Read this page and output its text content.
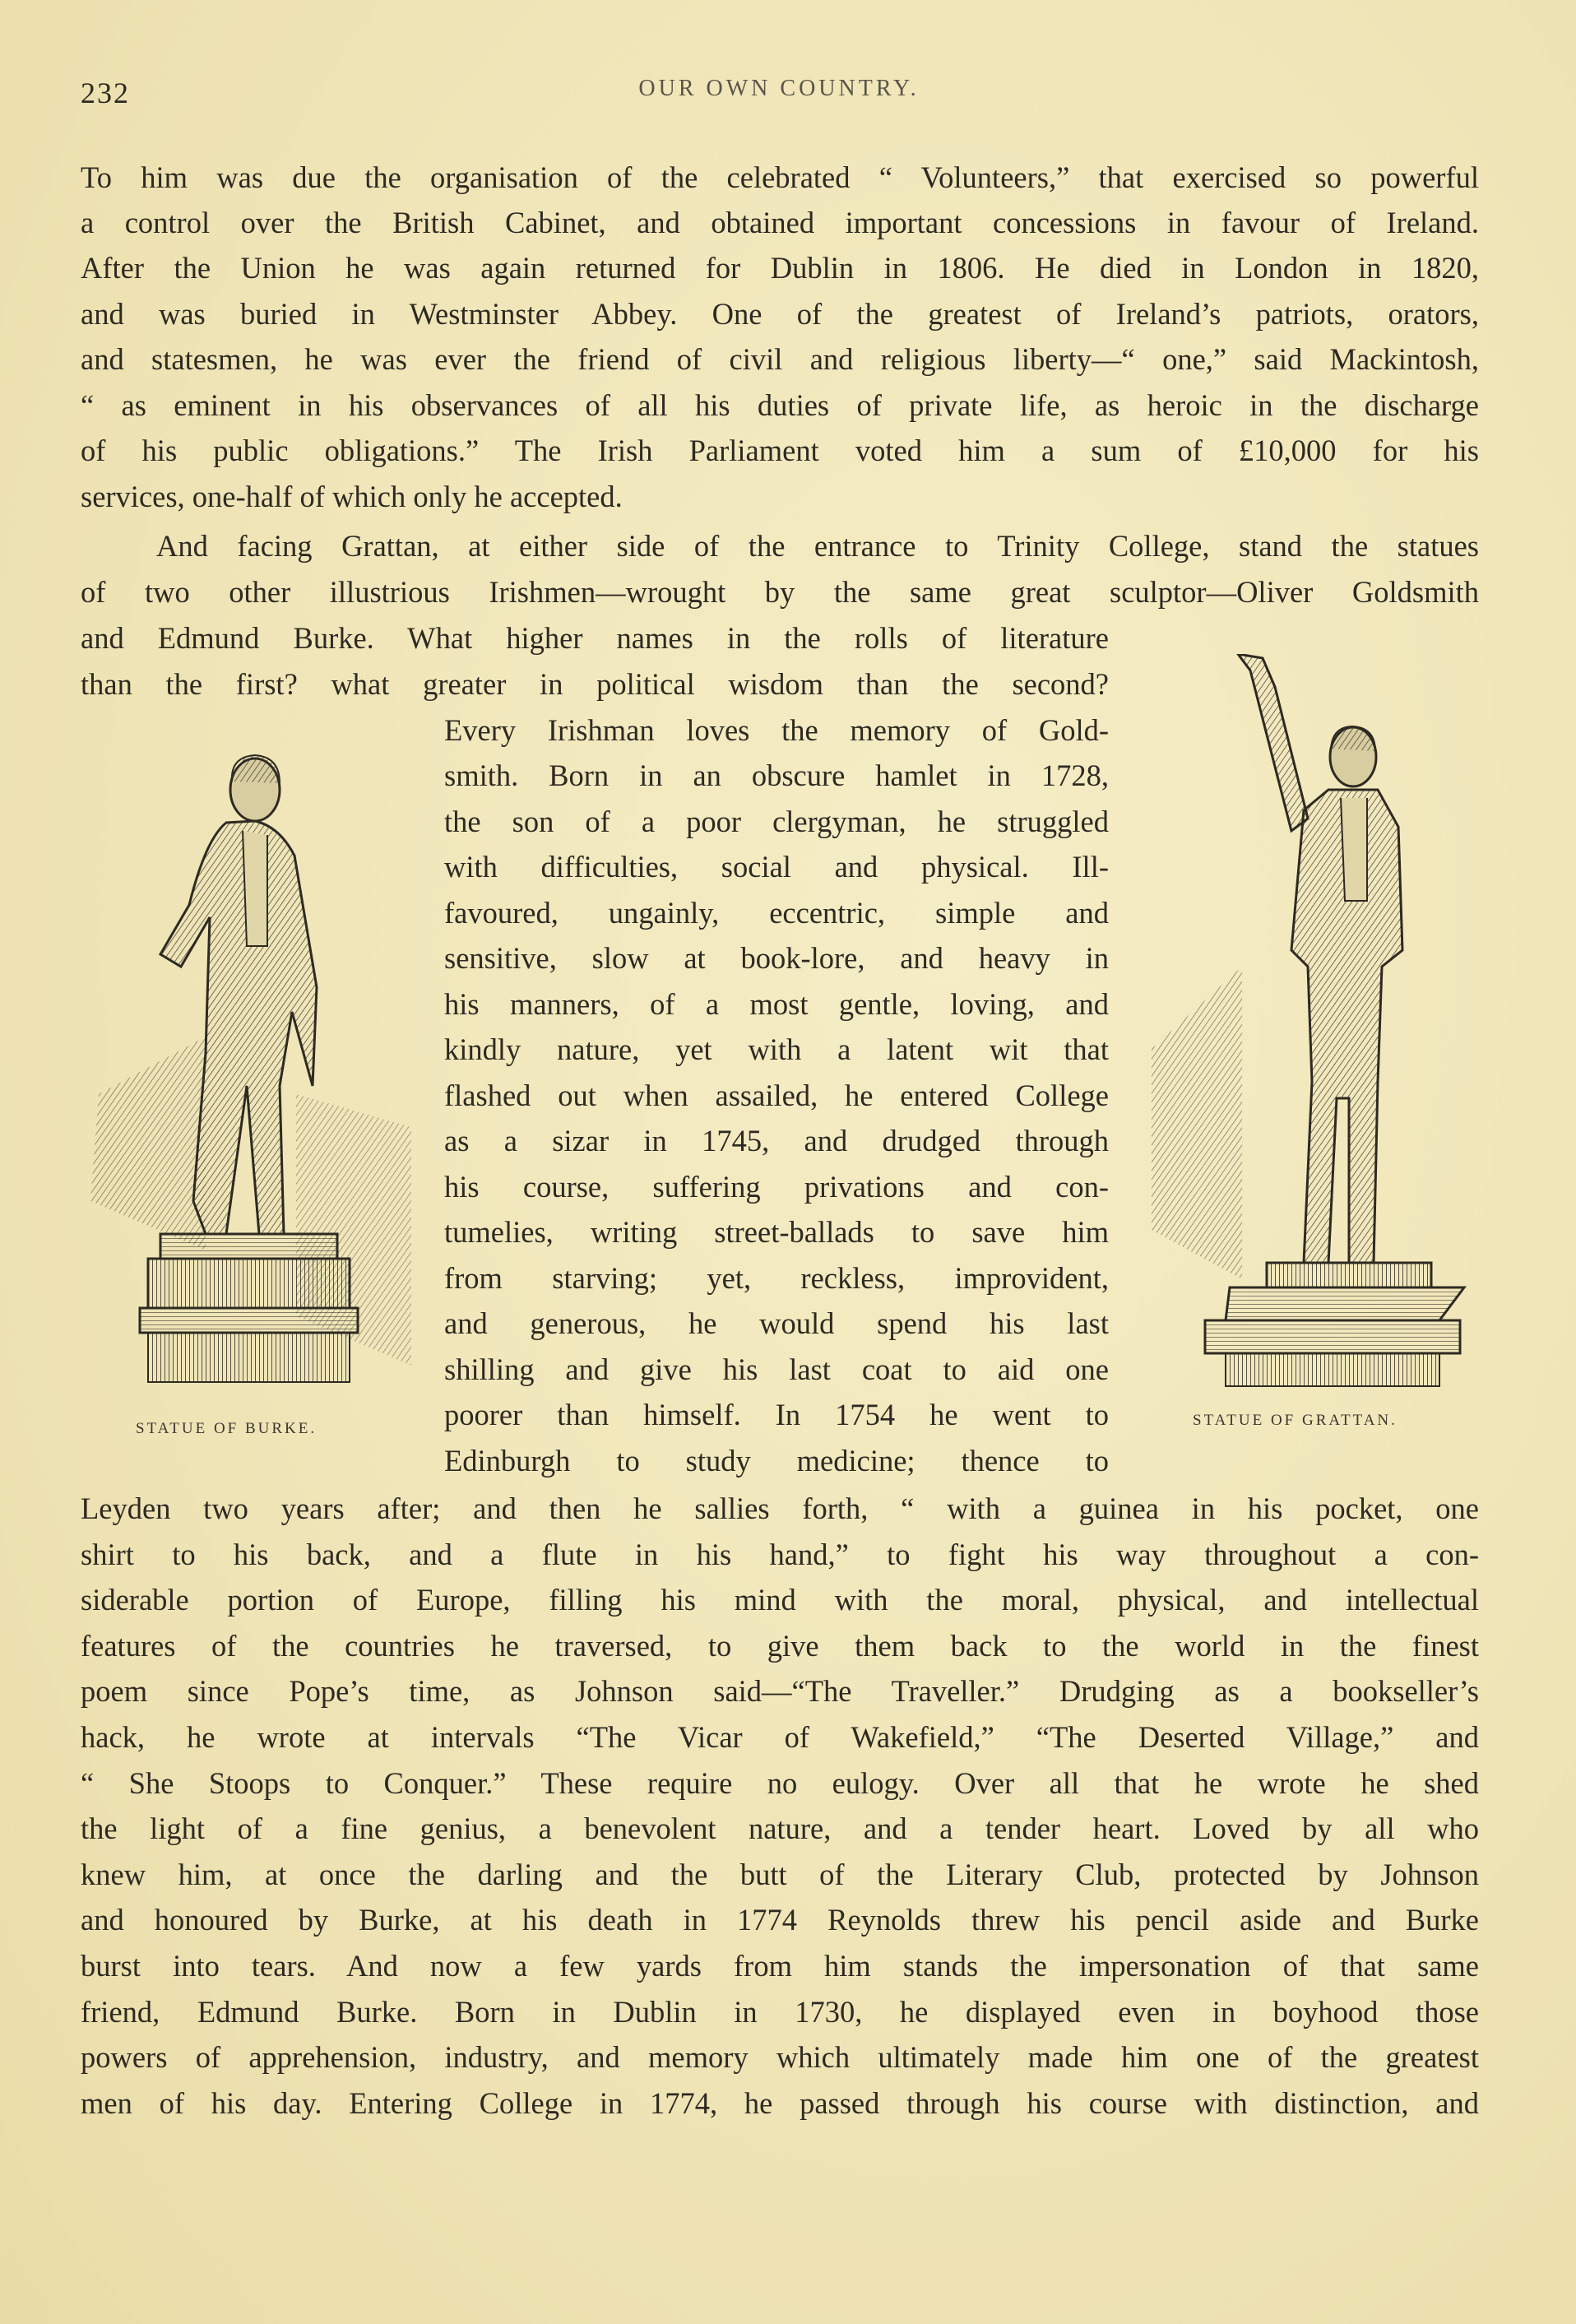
232	OUR OWN COUNTRY.
To him was due the organisation of the celebrated “ Volunteers,” that exercised so powerful
a control over the British Cabinet, and obtained important concessions in favour of Ireland.
After the Union he was again returned for Dublin in 1806. He died in London in 1820,
and was buried in Westminster Abbey. One of the greatest of Ireland’s patriots, orators,
and statesmen, he was ever the friend of civil and religious liberty—“ one,” said Mackintosh,
“ as eminent in his observances of all his duties of private life, as heroic in the discharge
of his public obligations.” The Irish Parliament voted him a sum of £10,000 for his
services, one-half of which only he accepted.
And facing Grattan, at either side of the entrance to Trinity College, stand the statues
of two other illustrious Irishmen—wrought by the same great sculptor—Oliver Goldsmith
and Edmund Burke. What higher names in the rolls of literature
than the first? what greater in political wisdom than the second?
Every Irishman loves the memory of Gold-
smith. Born in an obscure hamlet in 1728,
the son of a poor clergyman, he struggled
with difficulties, social and physical. Ill-
favoured, ungainly, eccentric, simple and
sensitive, slow at book-lore, and heavy in
his manners, of a most gentle, loving, and
kindly nature, yet with a latent wit that
flashed out when assailed, he entered College
as a sizar in 1745, and drudged through
his course, suffering privations and con-
tumelies, writing street-ballads to save him
from starving; yet, reckless, improvident,
and generous, he would spend his last
shilling and give his last coat to aid one
poorer than himself. In 1754 he went to
Edinburgh to study medicine; thence to
Leyden two years after; and then he sallies forth, “ with a guinea in his pocket, one
shirt to his back, and a flute in his hand,” to fight his way throughout a con-
siderable portion of Europe, filling his mind with the moral, physical, and intellectual
features of the countries he traversed, to give them back to the world in the finest
poem since Pope’s time, as Johnson said—“The Traveller.” Drudging as a bookseller’s
hack, he wrote at intervals “The Vicar of Wakefield,” “The Deserted Village,” and
“ She Stoops to Conquer.” These require no eulogy. Over all that he wrote he shed
the light of a fine genius, a benevolent nature, and a tender heart. Loved by all who
knew him, at once the darling and the butt of the Literary Club, protected by Johnson
and honoured by Burke, at his death in 1774 Reynolds threw his pencil aside and Burke
burst into tears. And now a few yards from him stands the impersonation of that same
friend, Edmund Burke. Born in Dublin in 1730, he displayed even in boyhood those
powers of apprehension, industry, and memory which ultimately made him one of the greatest
men of his day. Entering College in 1774, he passed through his course with distinction, and
STATUE OF BURKE.	STATUE OF GRATTAN.
